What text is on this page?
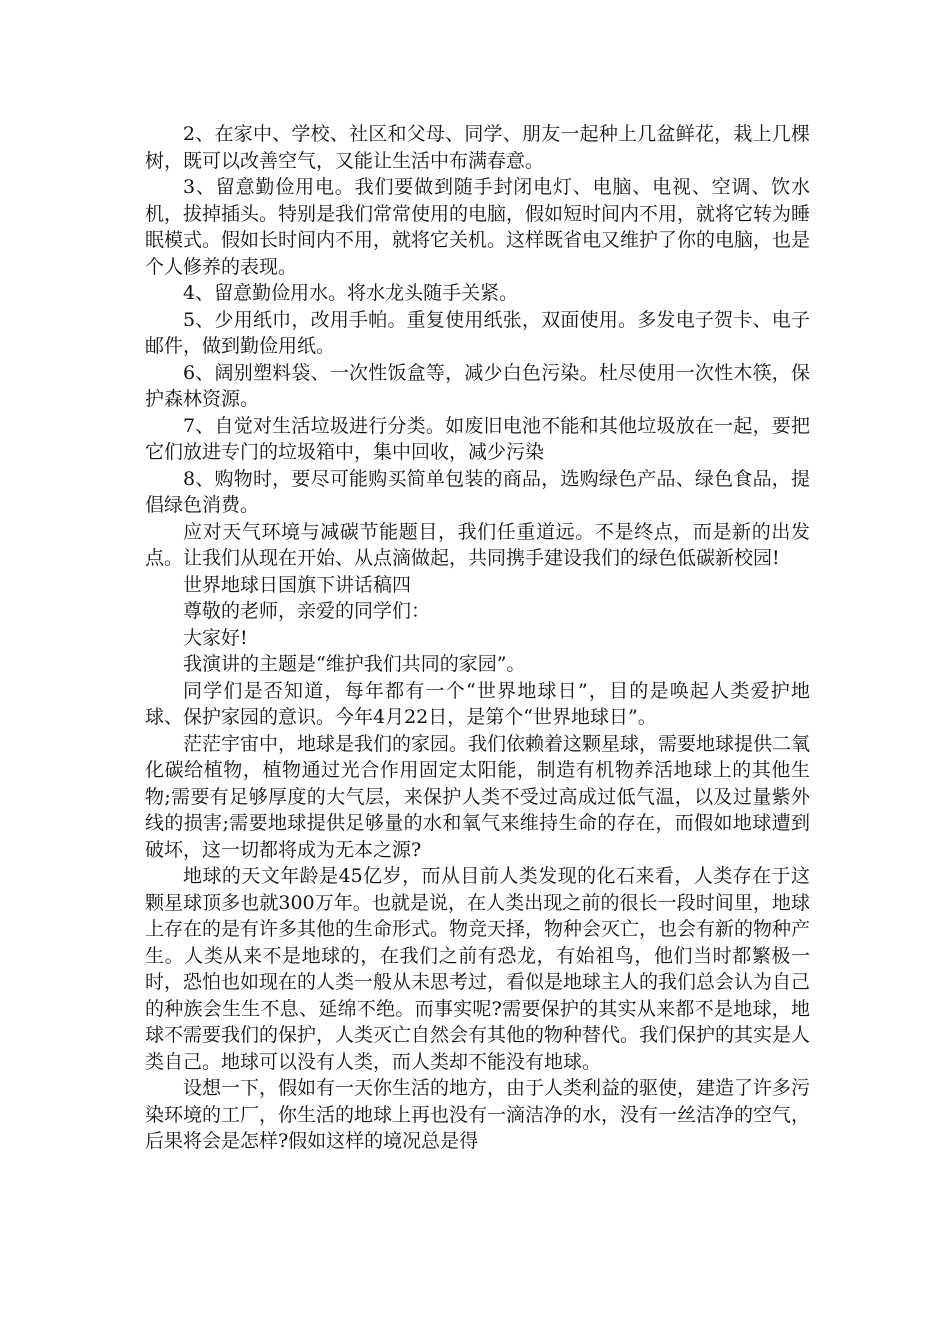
2、在家中、学校、社区和父母、同学、朋友一起种上几盆鲜花，栽上几棵树，既可以改善空气，又能让生活中布满春意。

3、留意勤俭用电。我们要做到随手封闭电灯、电脑、电视、空调、饮水机，拔掉插头。特别是我们常常使用的电脑，假如短时间内不用，就将它转为睡眠模式。假如长时间内不用，就将它关机。这样既省电又维护了你的电脑，也是个人修养的表现。

4、留意勤俭用水。将水龙头随手关紧。

5、少用纸巾，改用手帕。重复使用纸张，双面使用。多发电子贺卡、电子邮件，做到勤俭用纸。

6、阔别塑料袋、一次性饭盒等，减少白色污染。杜尽使用一次性木筷，保护森林资源。

7、自觉对生活垃圾进行分类。如废旧电池不能和其他垃圾放在一起，要把它们放进专门的垃圾箱中，集中回收，减少污染

8、购物时，要尽可能购买简单包装的商品，选购绿色产品、绿色食品，提倡绿色消费。

应对天气环境与减碳节能题目，我们任重道远。不是终点，而是新的出发点。让我们从现在开始、从点滴做起，共同携手建设我们的绿色低碳新校园!

世界地球日国旗下讲话稿四

尊敬的老师，亲爱的同学们：

大家好!

我演讲的主题是“维护我们共同的家园”。

同学们是否知道，每年都有一个“世界地球日”，目的是唤起人类爱护地球、保护家园的意识。今年4月22日，是第个“世界地球日”。

茫茫宇宙中，地球是我们的家园。我们依赖着这颗星球，需要地球提供二氧化碳给植物，植物通过光合作用固定太阳能，制造有机物养活地球上的其他生物;需要有足够厚度的大气层，来保护人类不受过高成过低气温，以及过量紫外线的损害;需要地球提供足够量的水和氧气来维持生命的存在，而假如地球遭到破坏，这一切都将成为无本之源?

地球的天文年龄是45亿岁，而从目前人类发现的化石来看，人类存在于这颗星球顶多也就300万年。也就是说，在人类出现之前的很长一段时间里，地球上存在的是有许多其他的生命形式。物竞天择，物种会灭亡，也会有新的物种产生。人类从来不是地球的，在我们之前有恐龙，有始祖鸟，他们当时都繁极一时，恐怕也如现在的人类一般从未思考过，看似是地球主人的我们总会认为自己的种族会生生不息、延绵不绝。而事实呢?需要保护的其实从来都不是地球，地球不需要我们的保护，人类灭亡自然会有其他的物种替代。我们保护的其实是人类自己。地球可以没有人类，而人类却不能没有地球。

设想一下，假如有一天你生活的地方，由于人类利益的驱使，建造了许多污染环境的工厂，你生活的地球上再也没有一滴洁净的水，没有一丝洁净的空气，后果将会是怎样?假如这样的境况总是得
